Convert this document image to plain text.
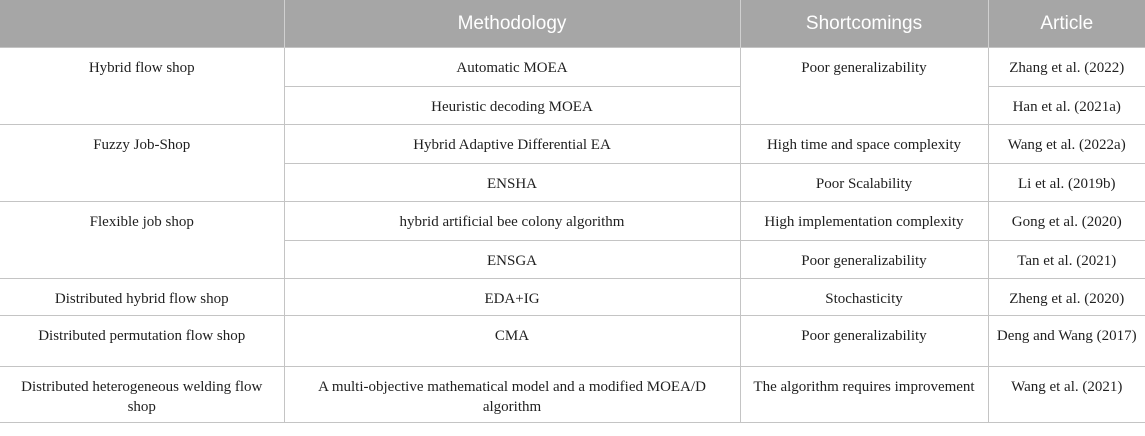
	Methodology	Shortcomings	Article
Hybrid flow shop	Automatic MOEA	Poor generalizability	Zhang et al. (2022)
	Heuristic decoding MOEA		Han et al. (2021a)
Fuzzy Job-Shop	Hybrid Adaptive Differential EA	High time and space complexity	Wang et al. (2022a)
	ENSHA	Poor Scalability	Li et al. (2019b)
Flexible job shop	hybrid artificial bee colony algorithm	High implementation complexity	Gong et al. (2020)
	ENSGA	Poor generalizability	Tan et al. (2021)
Distributed hybrid flow shop	EDA+IG	Stochasticity	Zheng et al. (2020)
Distributed permutation flow shop	CMA	Poor generalizability	Deng and Wang (2017)
Distributed heterogeneous welding flow shop	A multi-objective mathematical model and a modified MOEA/D algorithm	The algorithm requires improvement	Wang et al. (2021)
